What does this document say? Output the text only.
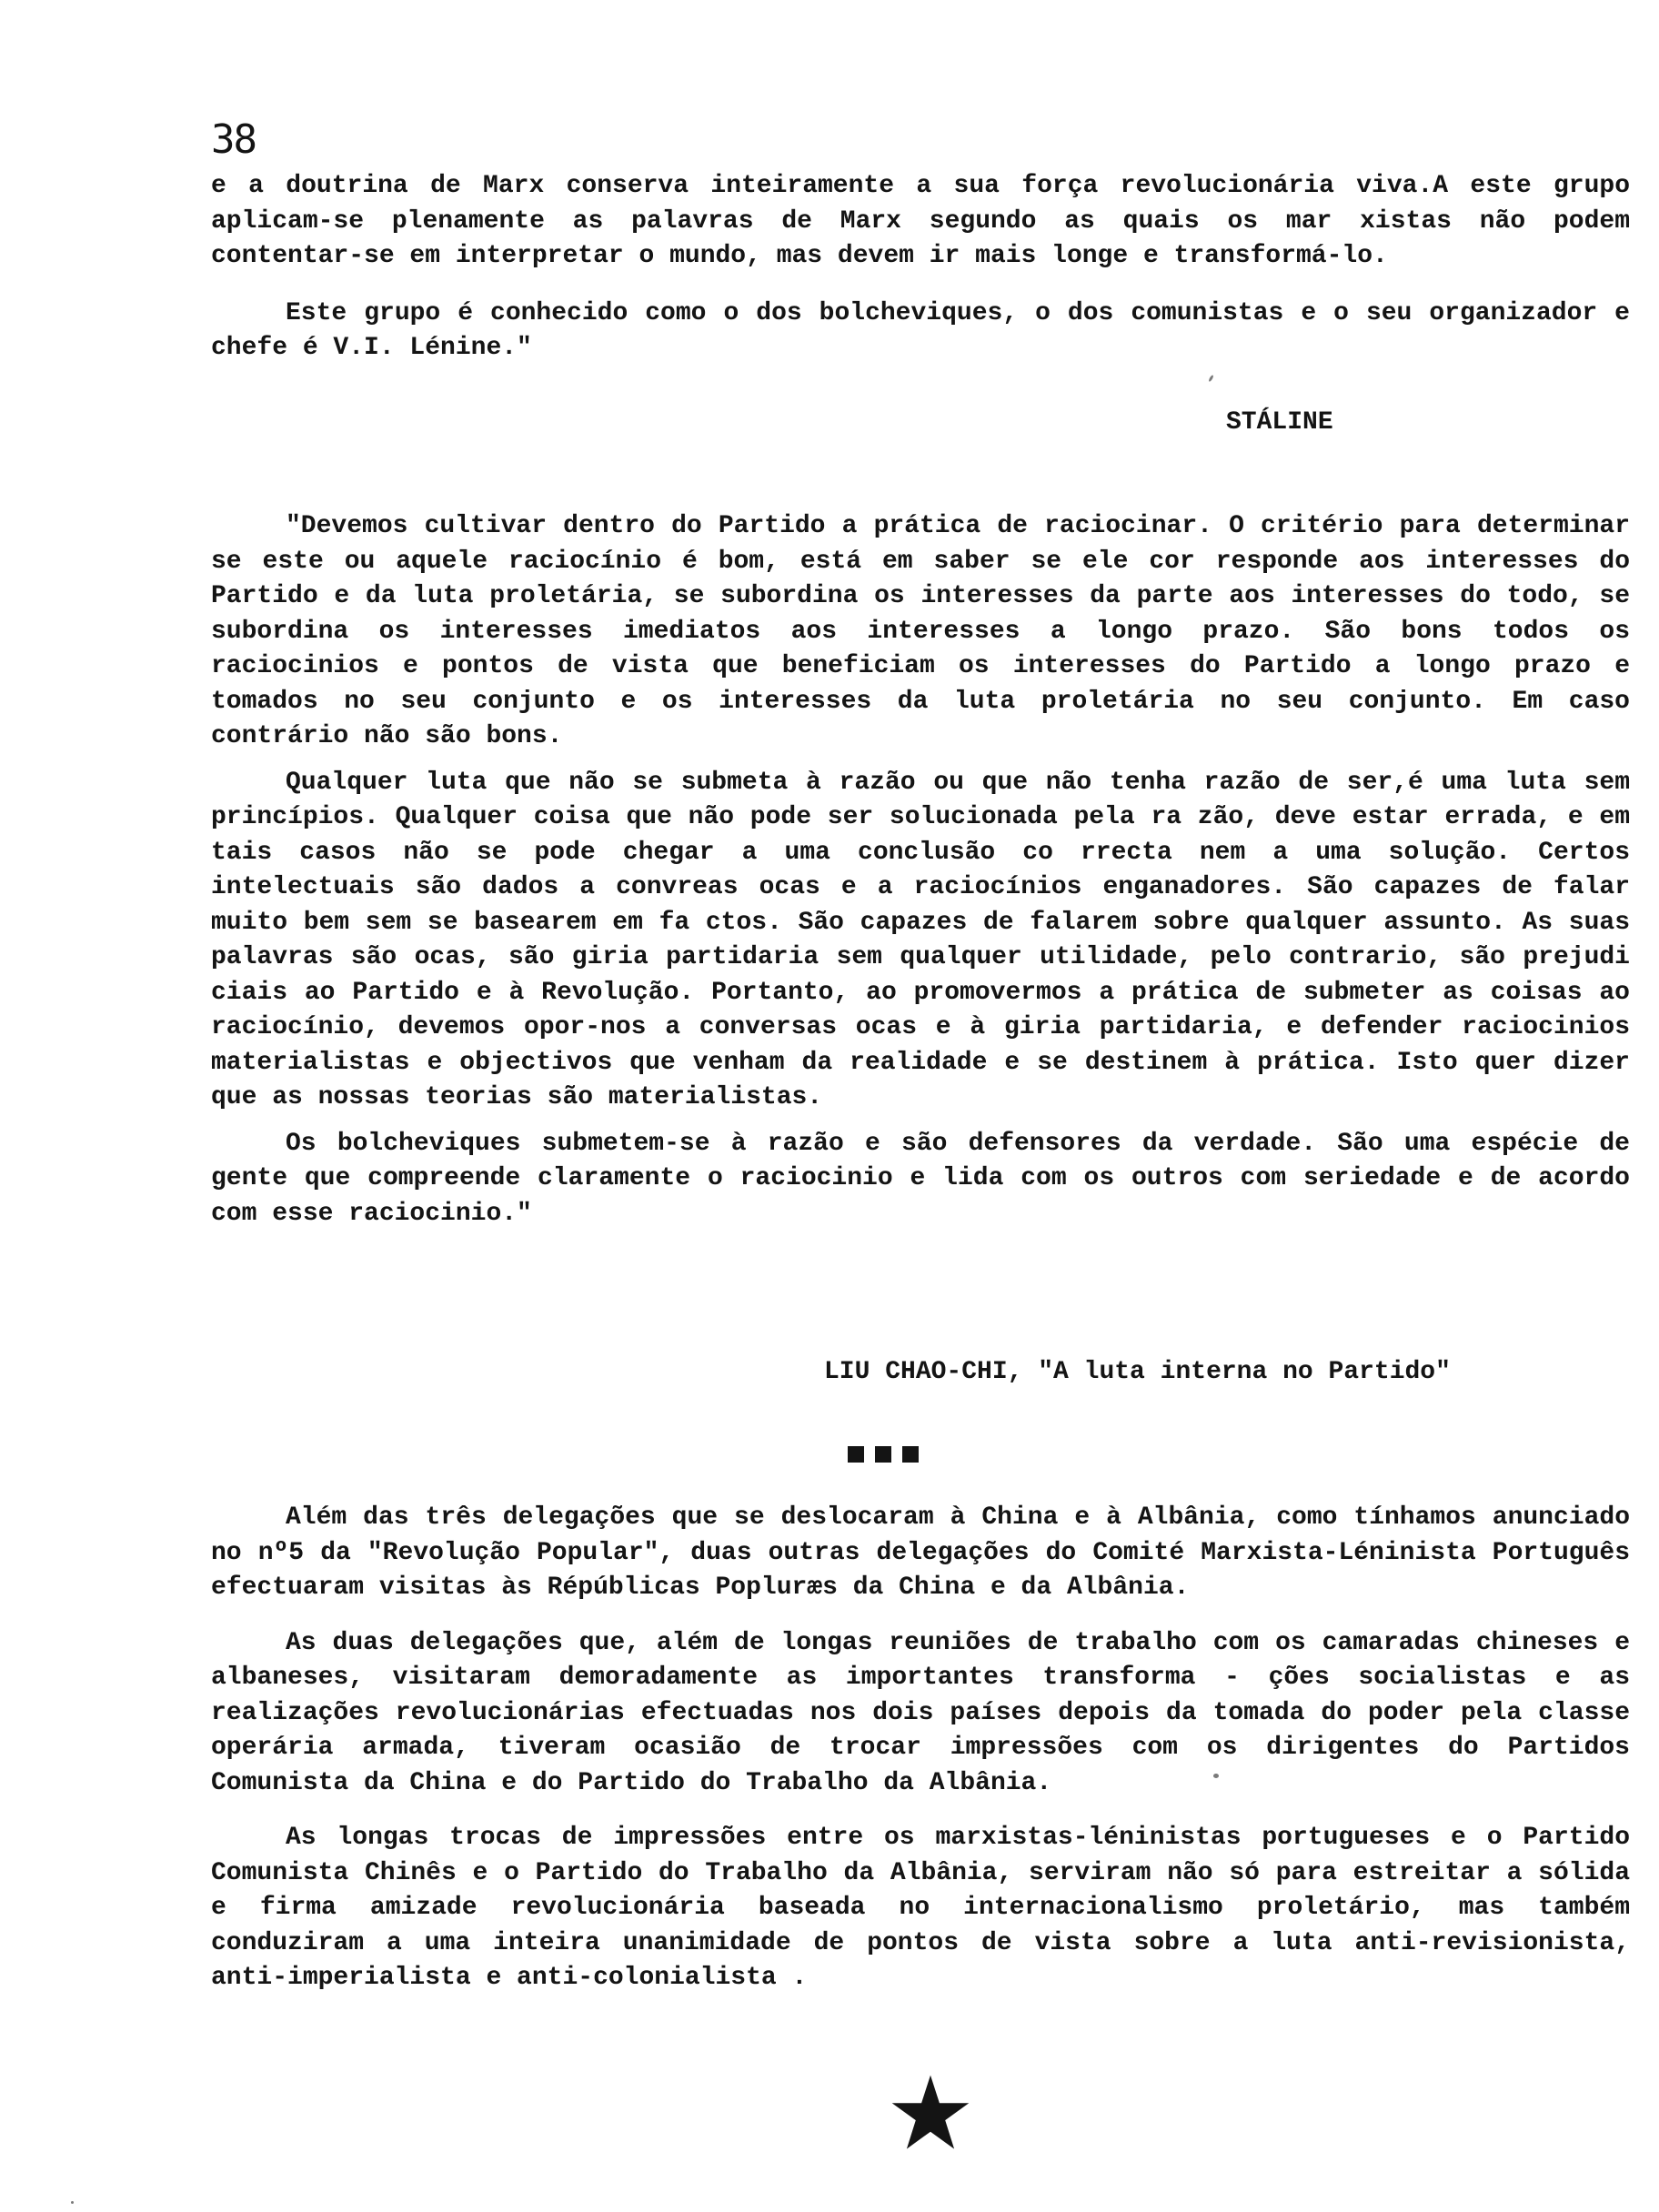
38

e a doutrina de Marx conserva inteiramente a sua força revolucionária viva.A este grupo aplicam-se plenamente as palavras de Marx segundo as quais os mar xistas não podem contentar-se em interpretar o mundo, mas devem ir mais longe e transformá-lo.

Este grupo é conhecido como o dos bolcheviques, o dos comunistas e o seu organizador e chefe é V.I. Lénine."

STÁLINE

"Devemos cultivar dentro do Partido a prática de raciocinar. O critério para determinar se este ou aquele raciocínio é bom, está em saber se ele cor responde aos interesses do Partido e da luta proletária, se subordina os interesses da parte aos interesses do todo, se subordina os interesses imediatos aos interesses a longo prazo. São bons todos os raciocinios e pontos de vista que beneficiam os interesses do Partido a longo prazo e tomados no seu conjunto e os interesses da luta proletária no seu conjunto. Em caso contrário não são bons.

Qualquer luta que não se submeta à razão ou que não tenha razão de ser,é uma luta sem princípios. Qualquer coisa que não pode ser solucionada pela ra zão, deve estar errada, e em tais casos não se pode chegar a uma conclusão co rrecta nem a uma solução. Certos intelectuais são dados a convreas ocas e a raciocínios enganadores. São capazes de falar muito bem sem se basearem em fa ctos. São capazes de falarem sobre qualquer assunto. As suas palavras são ocas, são giria partidaria sem qualquer utilidade, pelo contrario, são prejudi ciais ao Partido e à Revolução. Portanto, ao promovermos a prática de submeter as coisas ao raciocínio, devemos opor-nos a conversas ocas e à giria partidaria, e defender raciocinios materialistas e objectivos que venham da realidade e se destinem à prática. Isto quer dizer que as nossas teorias são materialistas.

Os bolcheviques submetem-se à razão e são defensores da verdade. São uma espécie de gente que compreende claramente o raciocinio e lida com os outros com seriedade e de acordo com esse raciocinio."

LIU CHAO-CHI, "A luta interna no Partido"

Além das três delegações que se deslocaram à China e à Albânia, como tínhamos anunciado no nº5 da "Revolução Popular", duas outras delegações do Comité Marxista-Léninista Português efectuaram visitas às Répúblicas Popluræs da China e da Albânia.

As duas delegações que, além de longas reuniões de trabalho com os camaradas chineses e albaneses, visitaram demoradamente as importantes transforma - ções socialistas e as realizações revolucionárias efectuadas nos dois países depois da tomada do poder pela classe operária armada, tiveram ocasião de trocar impressões com os dirigentes do Partidos Comunista da China e do Partido do Trabalho da Albânia.

As longas trocas de impressões entre os marxistas-léninistas portugueses e o Partido Comunista Chinês e o Partido do Trabalho da Albânia, serviram não só para estreitar a sólida e firma amizade revolucionária baseada no internacionalismo proletário, mas também conduziram a uma inteira unanimidade de pontos de vista sobre a luta anti-revisionista, anti-imperialista e anti-colonialista .
